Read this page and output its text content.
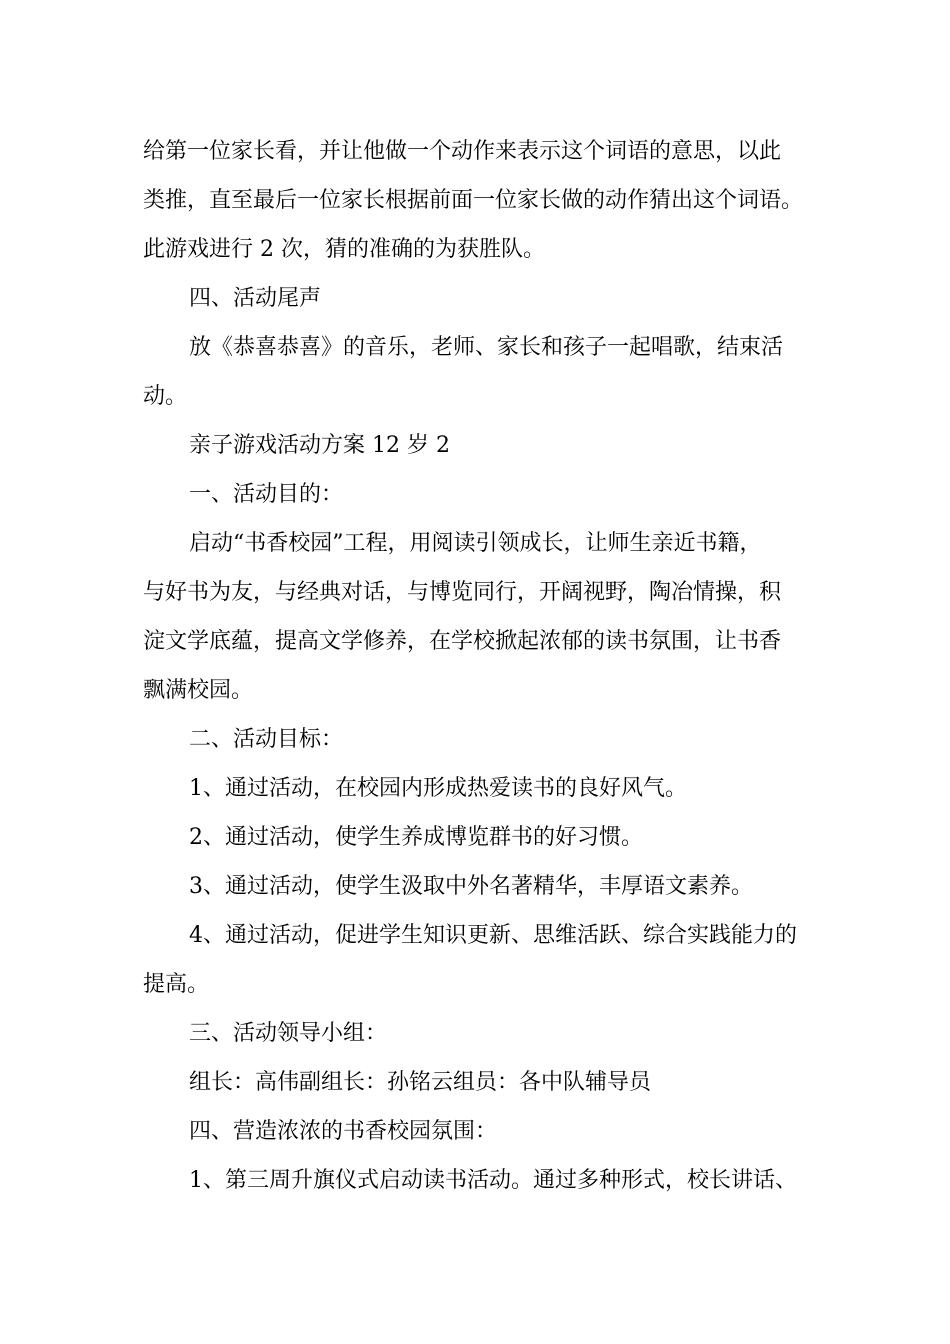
给第一位家长看，并让他做一个动作来表示这个词语的意思，以此
类推，直至最后一位家长根据前面一位家长做的动作猜出这个词语。
此游戏进行 2 次，猜的准确的为获胜队。
四、活动尾声
放《恭喜恭喜》的音乐，老师、家长和孩子一起唱歌，结束活
动。
亲子游戏活动方案 12 岁 2
一、活动目的：
启动“书香校园”工程，用阅读引领成长，让师生亲近书籍，
与好书为友，与经典对话，与博览同行，开阔视野，陶冶情操，积
淀文学底蕴，提高文学修养，在学校掀起浓郁的读书氛围，让书香
飘满校园。
二、活动目标：
1、通过活动，在校园内形成热爱读书的良好风气。
2、通过活动，使学生养成博览群书的好习惯。
3、通过活动，使学生汲取中外名著精华，丰厚语文素养。
4、通过活动，促进学生知识更新、思维活跃、综合实践能力的
提高。
三、活动领导小组：
组长：高伟副组长：孙铭云组员：各中队辅导员
四、营造浓浓的书香校园氛围：
1、第三周升旗仪式启动读书活动。通过多种形式，校长讲话、
